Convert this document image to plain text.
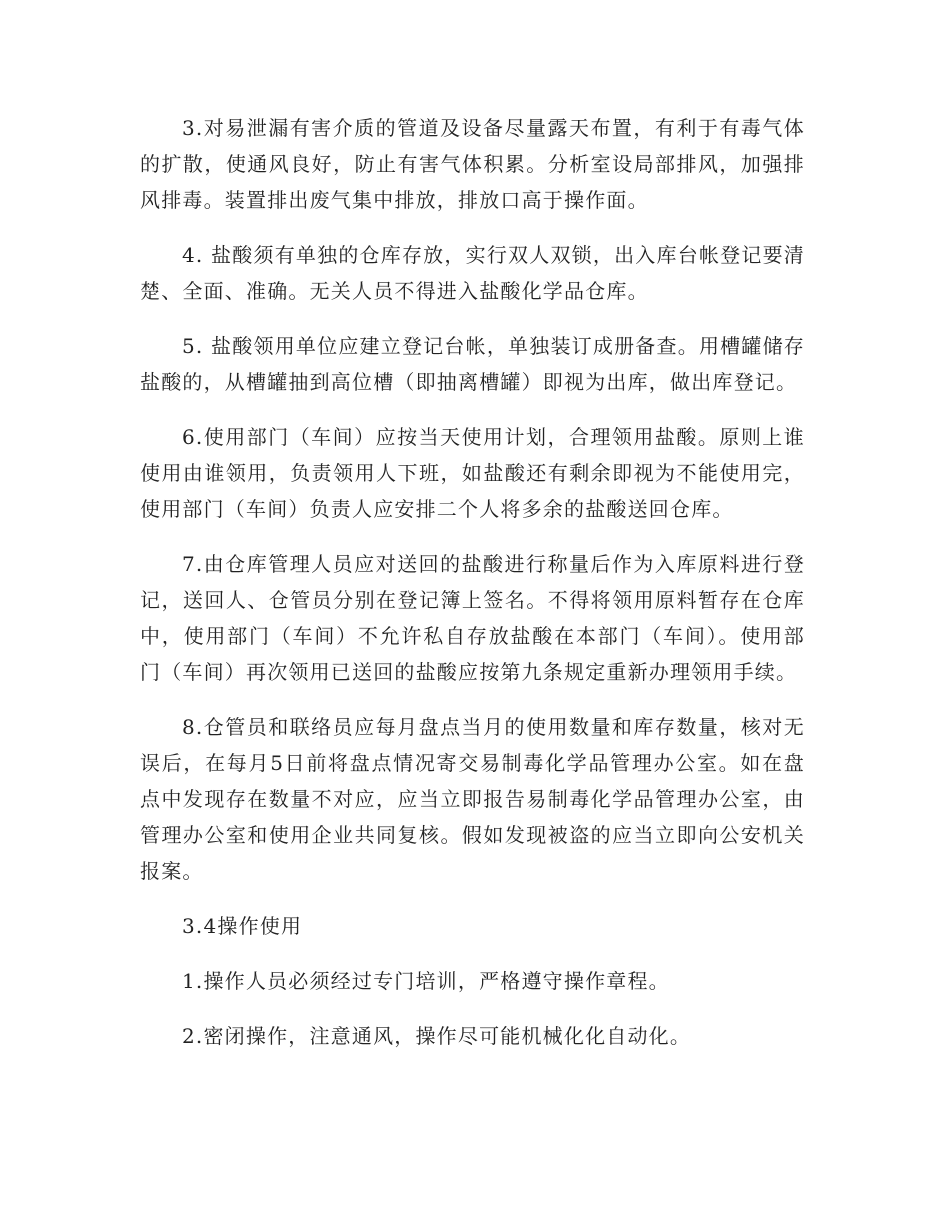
3.对易泄漏有害介质的管道及设备尽量露天布置，有利于有毒气体的扩散，使通风良好，防止有害气体积累。分析室设局部排风，加强排风排毒。装置排出废气集中排放，排放口高于操作面。

4. 盐酸须有单独的仓库存放，实行双人双锁，出入库台帐登记要清楚、全面、准确。无关人员不得进入盐酸化学品仓库。

5. 盐酸领用单位应建立登记台帐，单独装订成册备查。用槽罐储存盐酸的，从槽罐抽到高位槽（即抽离槽罐）即视为出库，做出库登记。

6.使用部门（车间）应按当天使用计划，合理领用盐酸。原则上谁使用由谁领用，负责领用人下班，如盐酸还有剩余即视为不能使用完，使用部门（车间）负责人应安排二个人将多余的盐酸送回仓库。

7.由仓库管理人员应对送回的盐酸进行称量后作为入库原料进行登记，送回人、仓管员分别在登记簿上签名。不得将领用原料暂存在仓库中，使用部门（车间）不允许私自存放盐酸在本部门（车间）。使用部门（车间）再次领用已送回的盐酸应按第九条规定重新办理领用手续。

8.仓管员和联络员应每月盘点当月的使用数量和库存数量，核对无误后，在每月5日前将盘点情况寄交易制毒化学品管理办公室。如在盘点中发现存在数量不对应，应当立即报告易制毒化学品管理办公室，由管理办公室和使用企业共同复核。假如发现被盗的应当立即向公安机关报案。

3.4操作使用

1.操作人员必须经过专门培训，严格遵守操作章程。

2.密闭操作，注意通风，操作尽可能机械化化自动化。
